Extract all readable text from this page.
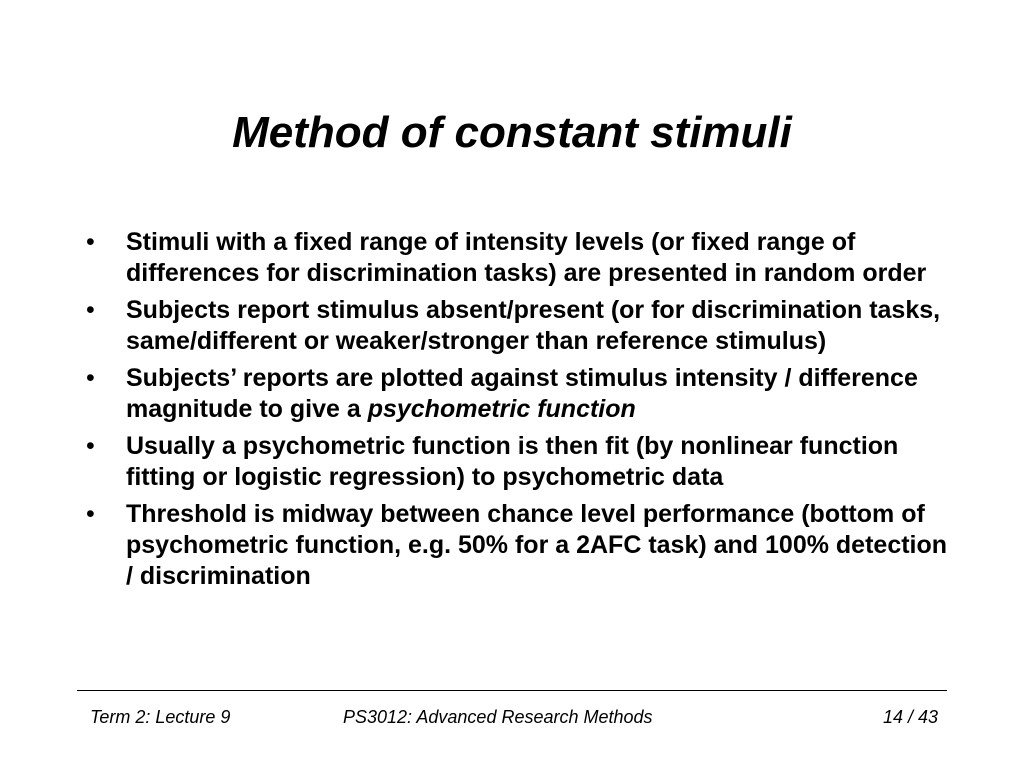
Method of constant stimuli
• Stimuli with a fixed range of intensity levels (or fixed range of differences for discrimination tasks) are presented in random order
• Subjects report stimulus absent/present (or for discrimination tasks, same/different or weaker/stronger than reference stimulus)
• Subjects’ reports are plotted against stimulus intensity / difference magnitude to give a psychometric function
• Usually a psychometric function is then fit (by nonlinear function fitting or logistic regression) to psychometric data
• Threshold is midway between chance level performance (bottom of psychometric function, e.g. 50% for a 2AFC task) and 100% detection / discrimination
Term 2: Lecture 9	PS3012: Advanced Research Methods	14 / 43
